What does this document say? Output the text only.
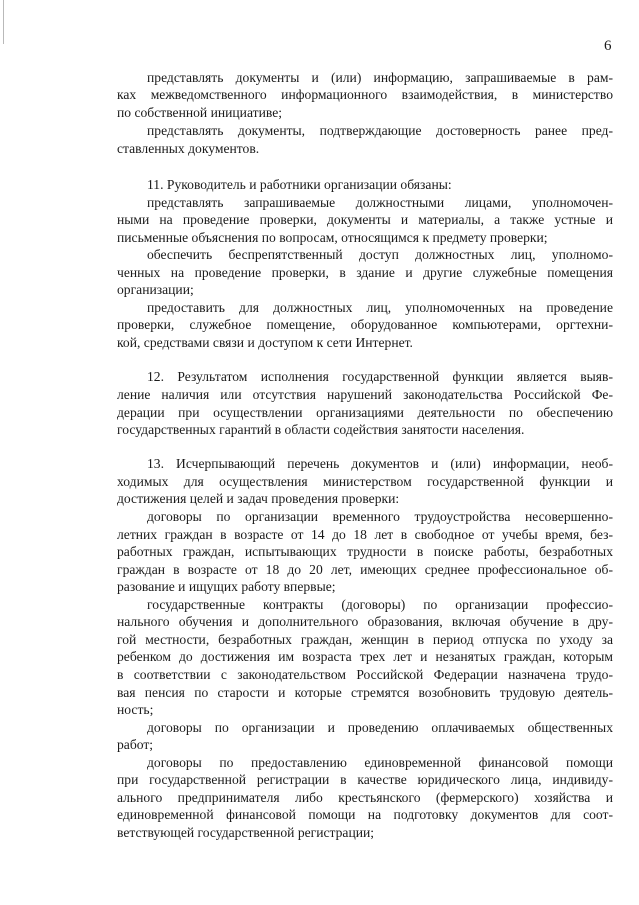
6
представлять документы и (или) информацию, запрашиваемые в рам-
ках межведомственного информационного взаимодействия, в министерство
по собственной инициативе;
представлять документы, подтверждающие достоверность ранее пред-
ставленных документов.
11. Руководитель и работники организации обязаны:
представлять запрашиваемые должностными лицами, уполномочен-
ными на проведение проверки, документы и материалы, а также устные и
письменные объяснения по вопросам, относящимся к предмету проверки;
обеспечить беспрепятственный доступ должностных лиц, уполномо-
ченных на проведение проверки, в здание и другие служебные помещения
организации;
предоставить для должностных лиц, уполномоченных на проведение
проверки, служебное помещение, оборудованное компьютерами, оргтехни-
кой, средствами связи и доступом к сети Интернет.
12. Результатом исполнения государственной функции является выяв-
ление наличия или отсутствия нарушений законодательства Российской Фе-
дерации при осуществлении организациями деятельности по обеспечению
государственных гарантий в области содействия занятости населения.
13. Исчерпывающий перечень документов и (или) информации, необ-
ходимых для осуществления министерством государственной функции и
достижения целей и задач проведения проверки:
договоры по организации временного трудоустройства несовершенно-
летних граждан в возрасте от 14 до 18 лет в свободное от учебы время, без-
работных граждан, испытывающих трудности в поиске работы, безработных
граждан в возрасте от 18 до 20 лет, имеющих среднее профессиональное об-
разование и ищущих работу впервые;
государственные контракты (договоры) по организации профессио-
нального обучения и дополнительного образования, включая обучение в дру-
гой местности, безработных граждан, женщин в период отпуска по уходу за
ребенком до достижения им возраста трех лет и незанятых граждан, которым
в соответствии с законодательством Российской Федерации назначена трудо-
вая пенсия по старости и которые стремятся возобновить трудовую деятель-
ность;
договоры по организации и проведению оплачиваемых общественных
работ;
договоры по предоставлению единовременной финансовой помощи
при государственной регистрации в качестве юридического лица, индивиду-
ального предпринимателя либо крестьянского (фермерского) хозяйства и
единовременной финансовой помощи на подготовку документов для соот-
ветствующей государственной регистрации;
